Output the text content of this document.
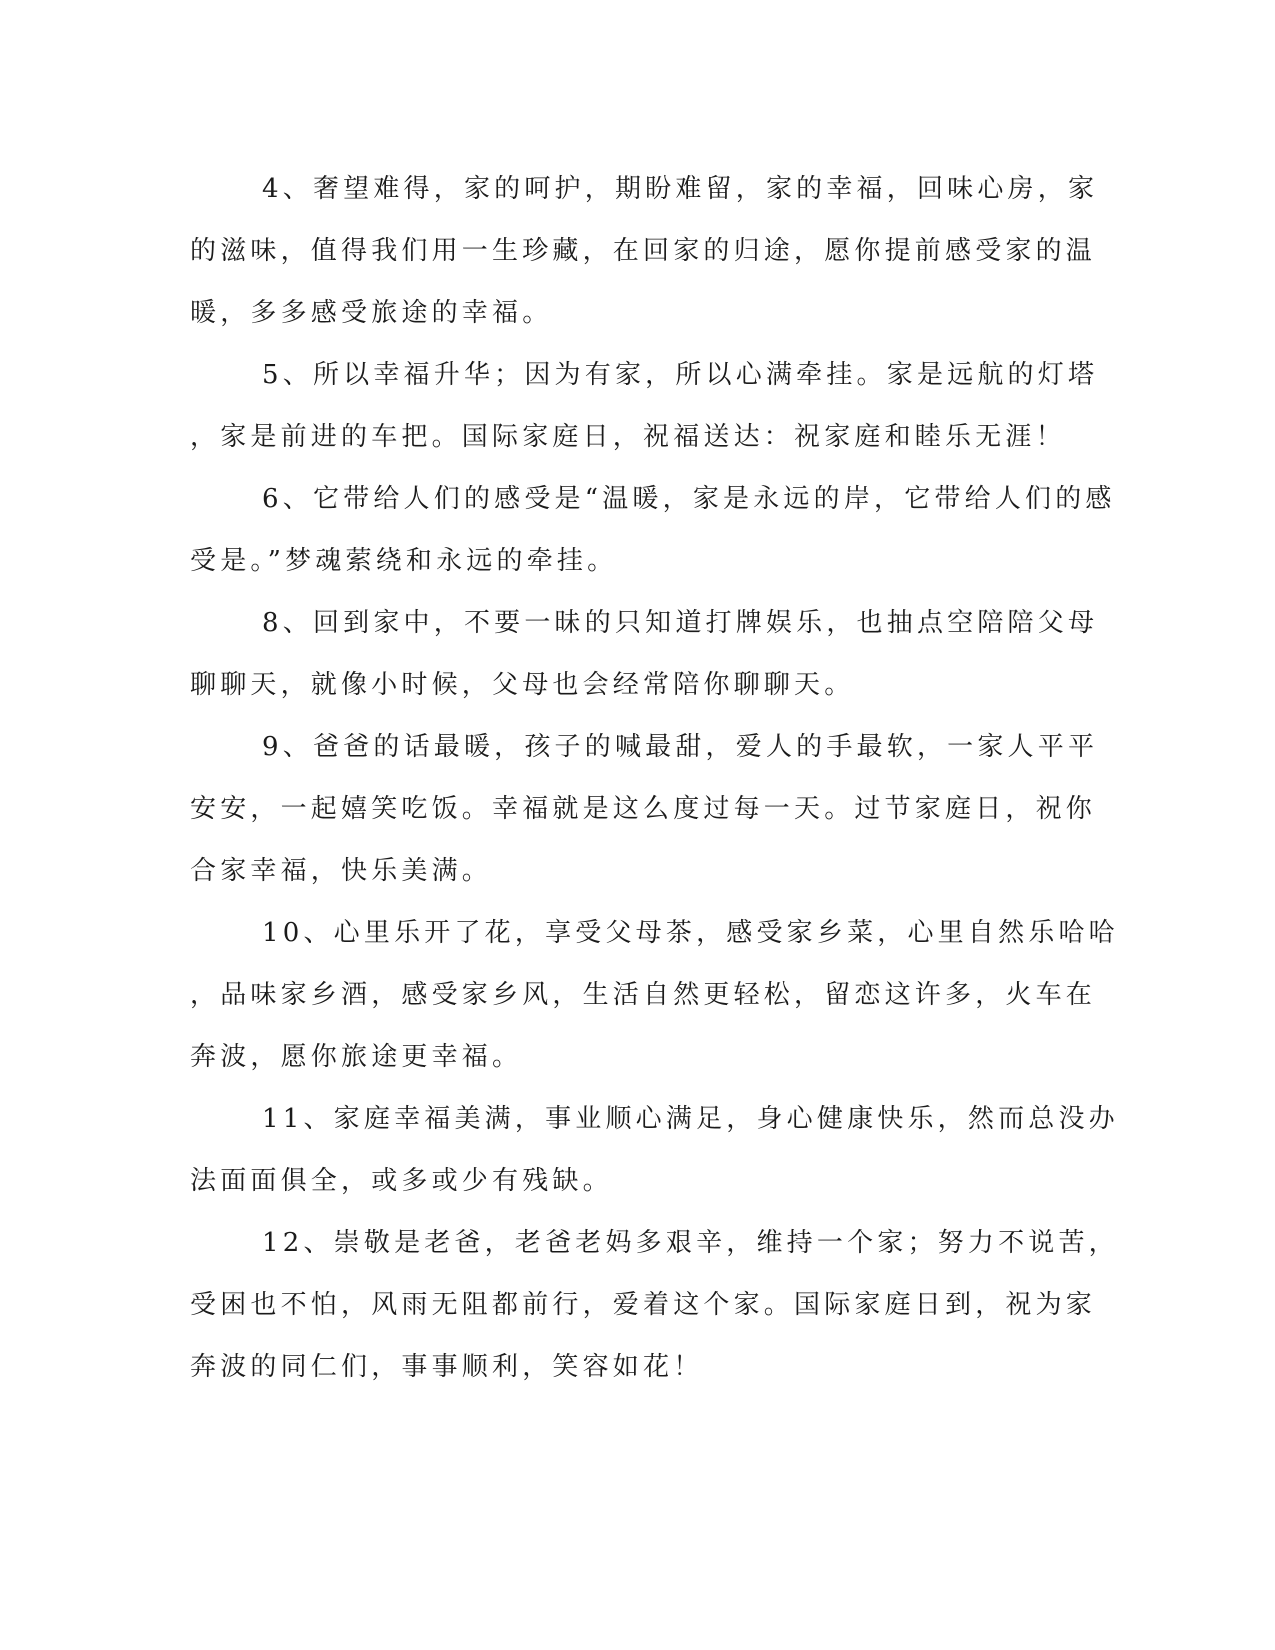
4、奢望难得，家的呵护，期盼难留，家的幸福，回味心房，家
的滋味，值得我们用一生珍藏，在回家的归途，愿你提前感受家的温
暖，多多感受旅途的幸福。
5、所以幸福升华；因为有家，所以心满牵挂。家是远航的灯塔
，家是前进的车把。国际家庭日，祝福送达：祝家庭和睦乐无涯！
6、它带给人们的感受是“温暖，家是永远的岸，它带给人们的感
受是。”梦魂萦绕和永远的牵挂。
8、回到家中，不要一昧的只知道打牌娱乐，也抽点空陪陪父母
聊聊天，就像小时候，父母也会经常陪你聊聊天。
9、爸爸的话最暖，孩子的喊最甜，爱人的手最软，一家人平平
安安，一起嬉笑吃饭。幸福就是这么度过每一天。过节家庭日，祝你
合家幸福，快乐美满。
10、心里乐开了花，享受父母茶，感受家乡菜，心里自然乐哈哈
，品味家乡酒，感受家乡风，生活自然更轻松，留恋这许多，火车在
奔波，愿你旅途更幸福。
11、家庭幸福美满，事业顺心满足，身心健康快乐，然而总没办
法面面俱全，或多或少有残缺。
12、崇敬是老爸，老爸老妈多艰辛，维持一个家；努力不说苦，
受困也不怕，风雨无阻都前行，爱着这个家。国际家庭日到，祝为家
奔波的同仁们，事事顺利，笑容如花！
